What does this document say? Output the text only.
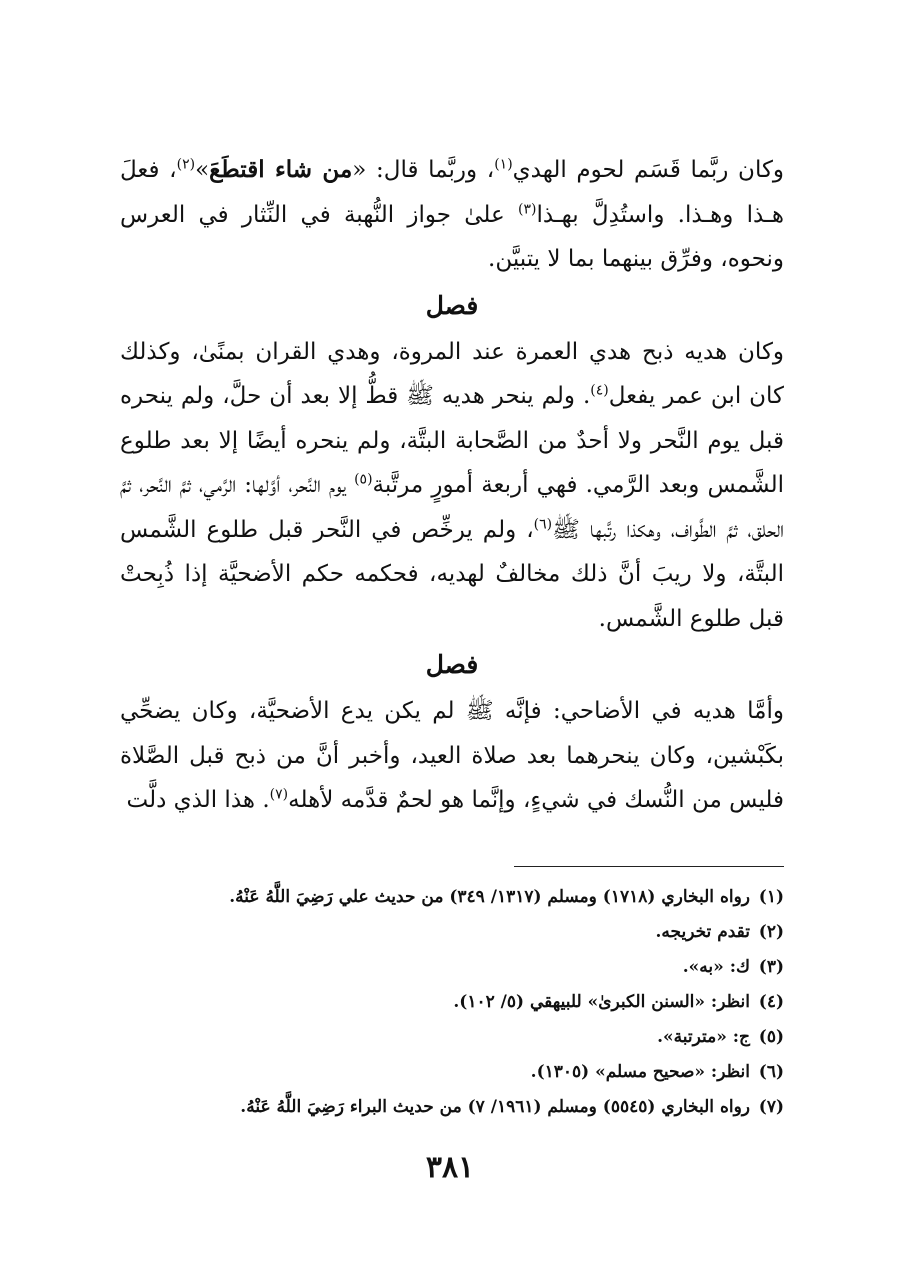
وكان ربَّما قَسَم لحوم الهدي$^{(١)}$، وربَّما قال: «من شاء اقتطَعَ»$^{(٢)}$، فعلَ هـذا وهـذا. واستُدِلَّ بهـذا$^{(٣)}$ علىٰ جواز النُّهبة في النِّثار في العرس ونحوه، وفرِّق بينهما بما لا يتبيَّن.

فصل

وكان هديه ذبح هدي العمرة عند المروة، وهدي القران بمنًىٰ، وكذلك كان ابن عمر يفعل$^{(٤)}$. ولم ينحر هديه ﷺ قطُّ إلا بعد أن حلَّ، ولم ينحره قبل يوم النَّحر ولا أحدٌ من الصَّحابة البتَّة، ولم ينحره أيضًا إلا بعد طلوع الشَّمس وبعد الرَّمي. فهي أربعة أمورٍ مرتَّبة$^{(٥)}$ يوم النَّحر، أوَّلها: الرَّمي، ثمَّ النَّحر، ثمَّ الحلق، ثمَّ الطَّواف، وهكذا رتَّبها ﷺ$^{(٦)}$، ولم يرخِّص في النَّحر قبل طلوع الشَّمس البتَّة، ولا ريبَ أنَّ ذلك مخالفٌ لهديه، فحكمه حكم الأضحيَّة إذا ذُبِحتْ قبل طلوع الشَّمس.

فصل

وأمَّا هديه في الأضاحي: فإنَّه ﷺ لم يكن يدع الأضحيَّة، وكان يضحِّي بكَبْشين، وكان ينحرهما بعد صلاة العيد، وأخبر أنَّ من ذبح قبل الصَّلاة فليس من النُّسك في شيءٍ، وإنَّما هو لحمٌ قدَّمه لأهله$^{(٧)}$. هذا الذي دلَّت

(١)رواه البخاري (١٧١٨) ومسلم (١٣١٧/ ٣٤٩) من حديث علي رَضِيَ اللَّهُ عَنْهُ.
(٢)تقدم تخريجه.
(٣)ك: «به».
(٤)انظر: «السنن الكبرىٰ» للبيهقي (٥/ ١٠٢).
(٥)ج: «مترتبة».
(٦)انظر: «صحيح مسلم» (١٣٠٥).
(٧)رواه البخاري (٥٥٤٥) ومسلم (١٩٦١/ ٧) من حديث البراء رَضِيَ اللَّهُ عَنْهُ.
٣٨١
